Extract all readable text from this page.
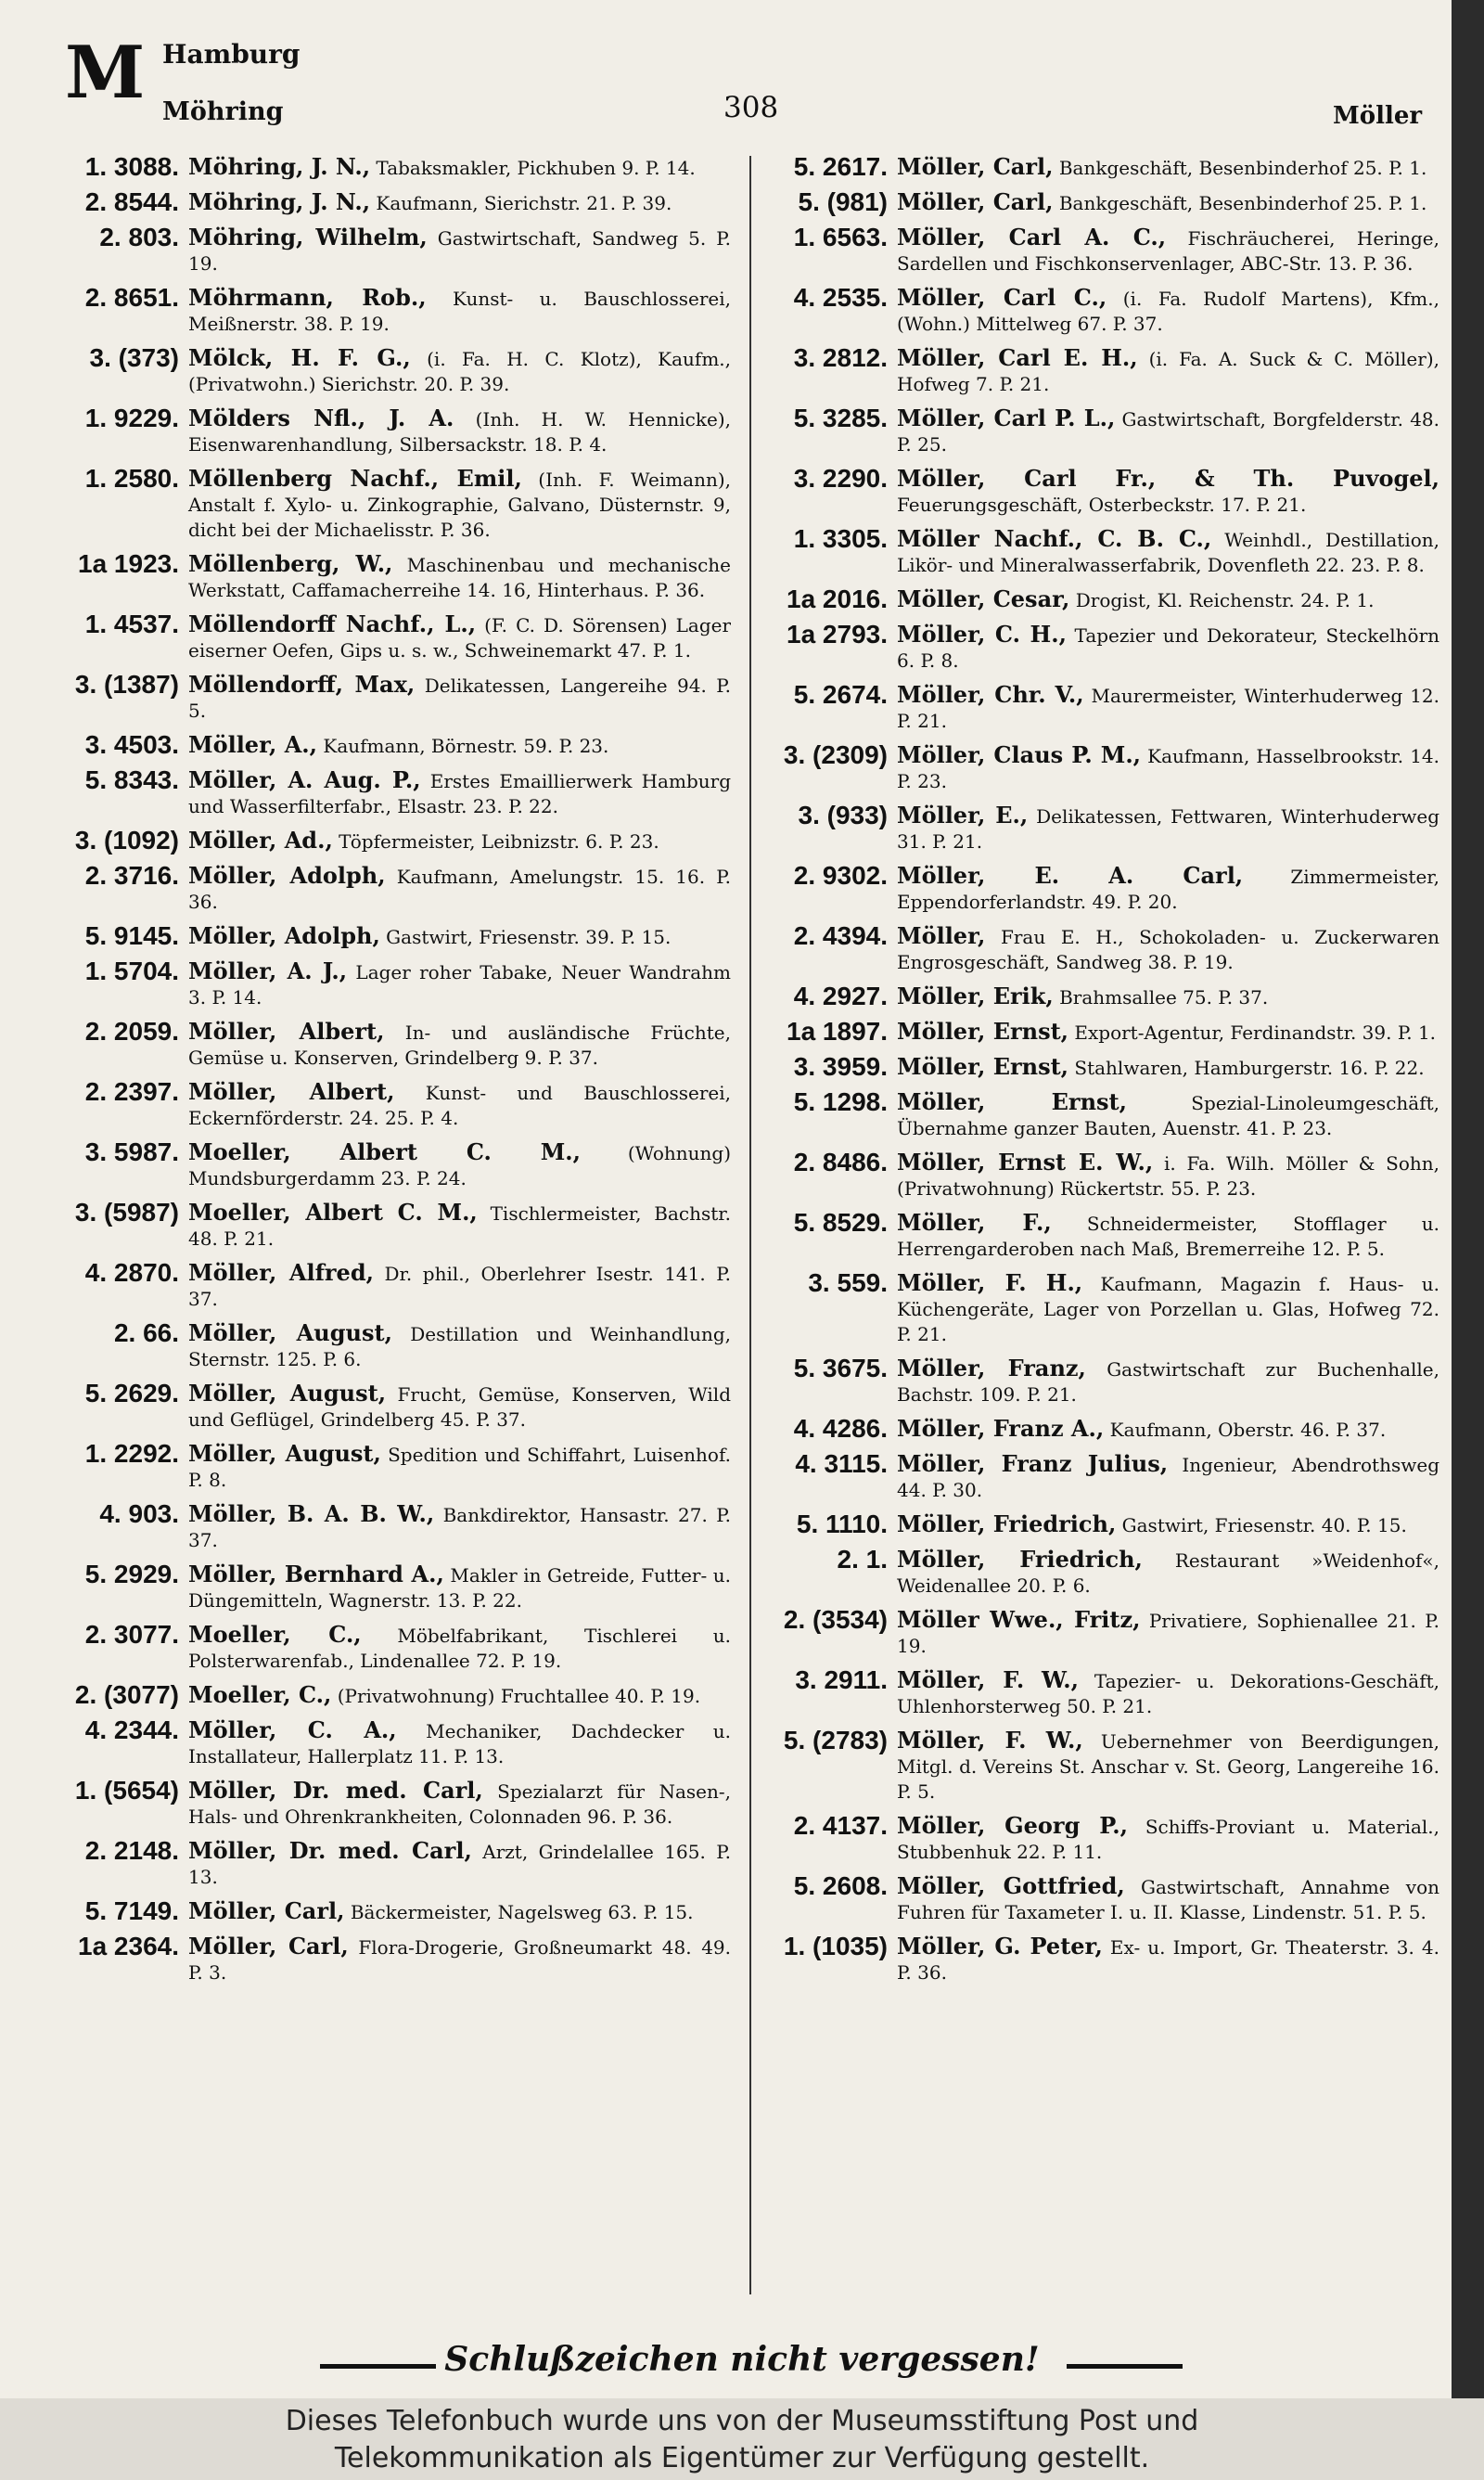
M Hamburg
Möhring	308	Möller
1. 3088. Möhring, J. N., Tabaksmakler, Pickhuben 9. P. 14.
2. 8544. Möhring, J. N., Kaufmann, Sierichstr. 21. P. 39.
2. 803. Möhring, Wilhelm, Gastwirtschaft, Sandweg 5. P. 19.
2. 8651. Möhrmann, Rob., Kunst- u. Bauschlosserei, Meißnerstr. 38. P. 19.
3. (373) Mölck, H. F. G., (i. Fa. H. C. Klotz), Kaufm., (Privatwohn.) Sierichstr. 20. P. 39.
1. 9229. Mölders Nfl., J. A. (Inh. H. W. Hennicke), Eisenwarenhandlung, Silbersackstr. 18. P. 4.
1. 2580. Möllenberg Nachf., Emil, (Inh. F. Weimann), Anstalt f. Xylo- u. Zinkographie, Galvano, Düsternstr. 9, dicht bei der Michaelisstr. P. 36.
1a 1923. Möllenberg, W., Maschinenbau und mechanische Werkstatt, Caffamacherreihe 14. 16, Hinterhaus. P. 36.
1. 4537. Möllendorff Nachf., L., (F. C. D. Sörensen) Lager eiserner Oefen, Gips u. s. w., Schweinemarkt 47. P. 1.
3. (1387) Möllendorff, Max, Delikatessen, Langereihe 94. P. 5.
3. 4503. Möller, A., Kaufmann, Börnestr. 59. P. 23.
5. 8343. Möller, A. Aug. P., Erstes Emaillierwerk Hamburg und Wasserfilterfabr., Elsastr. 23. P. 22.
3. (1092) Möller, Ad., Töpfermeister, Leibnizstr. 6. P. 23.
2. 3716. Möller, Adolph, Kaufmann, Amelungstr. 15. 16. P. 36.
5. 9145. Möller, Adolph, Gastwirt, Friesenstr. 39. P. 15.
1. 5704. Möller, A. J., Lager roher Tabake, Neuer Wandrahm 3. P. 14.
2. 2059. Möller, Albert, In- und ausländische Früchte, Gemüse u. Konserven, Grindelberg 9. P. 37.
2. 2397. Möller, Albert, Kunst- und Bauschlosserei, Eckernförderstr. 24. 25. P. 4.
3. 5987. Moeller, Albert C. M.,	(Wohnung) Mundsburgerdamm 23. P. 24.
3. (5987) Moeller, Albert C. M., Tischlermeister, Bachstr. 48. P. 21.
4. 2870. Möller, Alfred, Dr. phil., Oberlehrer Isestr. 141. P. 37.
2. 66. Möller, August, Destillation und Weinhandlung, Sternstr. 125. P. 6.
5. 2629. Möller, August, Frucht, Gemüse, Konserven, Wild und Geflügel, Grindelberg 45. P. 37.
1. 2292. Möller, August, Spedition und Schiffahrt, Luisenhof. P. 8.
4. 903. Möller, B. A. B. W., Bankdirektor, Hansastr. 27. P. 37.
5. 2929. Möller, Bernhard A., Makler in Getreide, Futter- u. Düngemitteln, Wagnerstr. 13. P. 22.
2. 3077. Moeller, C., Möbelfabrikant, Tischlerei u. Polsterwarenfab., Lindenallee 72. P. 19.
2. (3077) Moeller, C., (Privatwohnung) Fruchtallee 40. P. 19.
4. 2344. Möller, C. A., Mechaniker, Dachdecker u. Installateur, Hallerplatz 11. P. 13.
1. (5654) Möller, Dr. med. Carl, Spezialarzt für Nasen-, Hals- und Ohrenkrankheiten, Colonnaden 96. P. 36.
2. 2148. Möller, Dr. med. Carl, Arzt, Grindelallee 165. P. 13.
5. 7149. Möller, Carl, Bäckermeister, Nagelsweg 63. P. 15.
1a 2364. Möller, Carl, Flora-Drogerie, Großneumarkt 48. 49. P. 3.
5. 2617. Möller, Carl, Bankgeschäft, Besenbinderhof 25. P. 1.
5. (981) Möller, Carl, Bankgeschäft, Besenbinderhof 25. P. 1.
1. 6563. Möller, Carl A. C., Fischräucherei, Heringe, Sardellen und Fischkonservenlager, ABC-Str. 13. P. 36.
4. 2535. Möller, Carl C., (i. Fa. Rudolf Martens), Kfm., (Wohn.) Mittelweg 67. P. 37.
3. 2812. Möller, Carl E. H., (i. Fa. A. Suck & C. Möller), Hofweg 7. P. 21.
5. 3285. Möller, Carl P. L., Gastwirtschaft, Borgfelderstr. 48. P. 25.
3. 2290. Möller, Carl Fr., & Th. Puvogel, Feuerungsgeschäft, Osterbeckstr. 17. P. 21.
1. 3305. Möller Nachf., C. B. C., Weinhdl., Destillation, Likör- und Mineralwasserfabrik, Dovenfleth 22. 23. P. 8.
1a 2016. Möller, Cesar, Drogist, Kl. Reichenstr. 24. P. 1.
1a 2793. Möller, C. H., Tapezier und Dekorateur, Steckelhörn 6. P. 8.
5. 2674. Möller, Chr. V., Maurermeister, Winterhuderweg 12. P. 21.
3. (2309) Möller, Claus P. M., Kaufmann, Hasselbrookstr. 14. P. 23.
3. (933) Möller, E., Delikatessen, Fettwaren, Winterhuderweg 31. P. 21.
2. 9302. Möller, E. A. Carl,	Zimmermeister, Eppendorferlandstr. 49. P. 20.
2. 4394. Möller, Frau E. H., Schokoladen- u. Zuckerwaren Engrosgeschäft, Sandweg 38. P. 19.
4. 2927. Möller, Erik, Brahmsallee 75. P. 37.
1a 1897. Möller, Ernst, Export-Agentur, Ferdinandstr. 39. P. 1.
3. 3959. Möller, Ernst, Stahlwaren, Hamburgerstr. 16. P. 22.
5. 1298. Möller, Ernst,	Spezial-Linoleumgeschäft, Übernahme ganzer Bauten, Auenstr. 41. P. 23.
2. 8486. Möller, Ernst E. W., i. Fa. Wilh. Möller & Sohn, (Privatwohnung) Rückertstr. 55. P. 23.
5. 8529. Möller, F., Schneidermeister, Stofflager u. Herrengarderoben nach Maß, Bremerreihe 12. P. 5.
3. 559. Möller, F. H., Kaufmann, Magazin f. Haus- u. Küchengeräte, Lager von Porzellan u. Glas, Hofweg 72. P. 21.
5. 3675. Möller, Franz, Gastwirtschaft zur Buchenhalle, Bachstr. 109. P. 21.
4. 4286. Möller, Franz A., Kaufmann, Oberstr. 46. P. 37.
4. 3115. Möller, Franz Julius, Ingenieur, Abendrothsweg 44. P. 30.
5. 1110. Möller, Friedrich, Gastwirt, Friesenstr. 40. P. 15.
2. 1. Möller, Friedrich, Restaurant »Weidenhof«, Weidenallee 20. P. 6.
2. (3534) Möller Wwe., Fritz, Privatiere, Sophienallee 21. P. 19.
3. 2911. Möller, F. W., Tapezier- u. Dekorations-Geschäft, Uhlenhorsterweg 50. P. 21.
5. (2783) Möller, F. W., Uebernehmer von Beerdigungen, Mitgl. d. Vereins St. Anschar v. St. Georg, Langereihe 16. P. 5.
2. 4137. Möller, Georg P., Schiffs-Proviant u. Material., Stubbenhuk 22. P. 11.
5. 2608. Möller, Gottfried, Gastwirtschaft, Annahme von Fuhren für Taxameter I. u. II. Klasse, Lindenstr. 51. P. 5.
1. (1035) Möller, G. Peter, Ex- u. Import, Gr. Theaterstr. 3. 4. P. 36.
Schlußzeichen nicht vergessen!
Dieses Telefonbuch wurde uns von der Museumsstiftung Post und
Telekommunikation als Eigentümer zur Verfügung gestellt.
